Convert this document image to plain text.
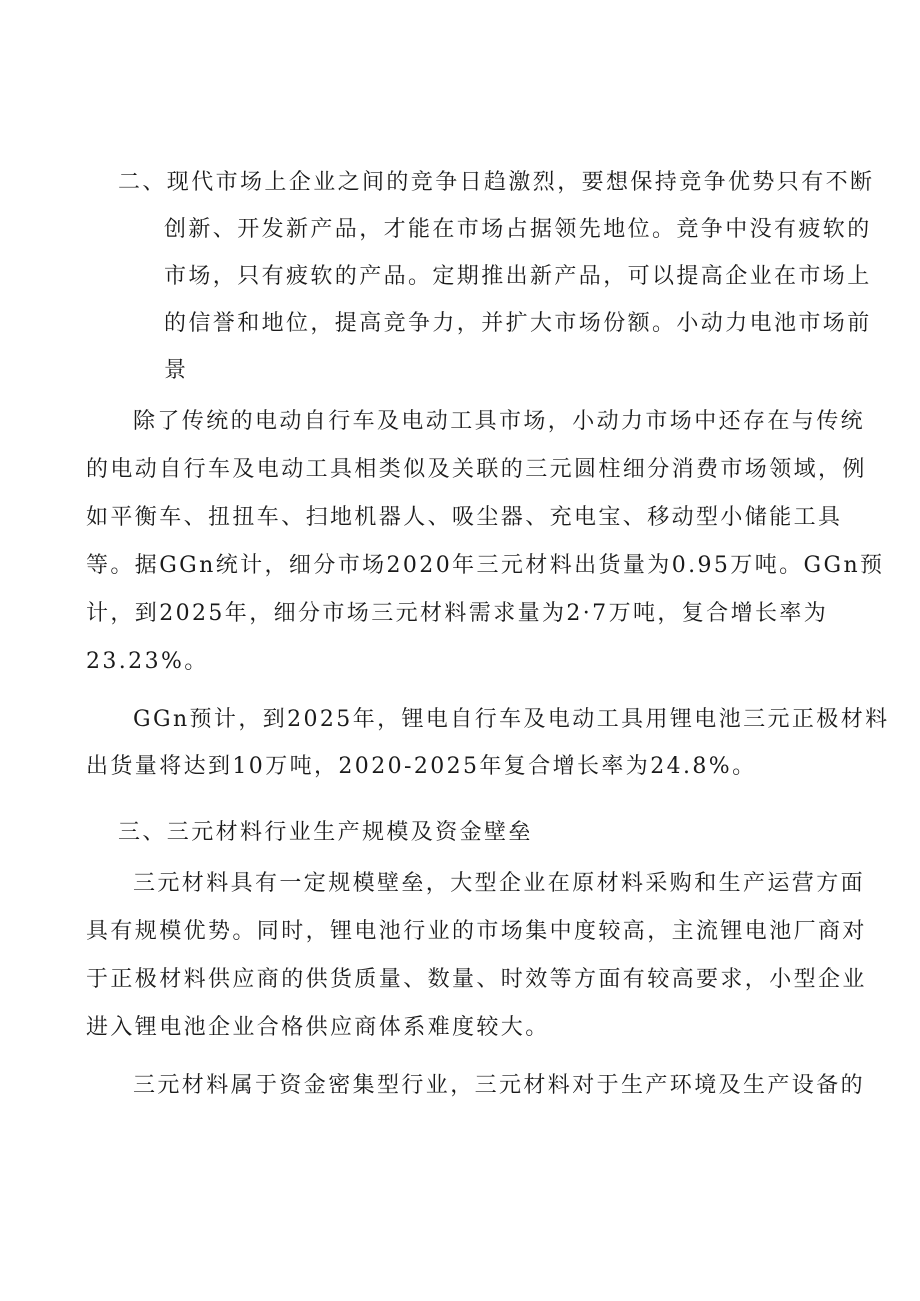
二、现代市场上企业之间的竞争日趋激烈，要想保持竞争优势只有不断
创新、开发新产品，才能在市场占据领先地位。竞争中没有疲软的
市场，只有疲软的产品。定期推出新产品，可以提高企业在市场上
的信誉和地位，提高竞争力，并扩大市场份额。小动力电池市场前
景
除了传统的电动自行车及电动工具市场，小动力市场中还存在与传统
的电动自行车及电动工具相类似及关联的三元圆柱细分消费市场领域，例
如平衡车、扭扭车、扫地机器人、吸尘器、充电宝、移动型小储能工具
等。据GGn统计，细分市场2020年三元材料出货量为0.95万吨。GGn预
计，到2025年，细分市场三元材料需求量为2·7万吨，复合增长率为
23.23%。
GGn预计，到2025年，锂电自行车及电动工具用锂电池三元正极材料
出货量将达到10万吨，2020-2025年复合增长率为24.8%。
三、三元材料行业生产规模及资金壁垒
三元材料具有一定规模壁垒，大型企业在原材料采购和生产运营方面
具有规模优势。同时，锂电池行业的市场集中度较高，主流锂电池厂商对
于正极材料供应商的供货质量、数量、时效等方面有较高要求，小型企业
进入锂电池企业合格供应商体系难度较大。
三元材料属于资金密集型行业，三元材料对于生产环境及生产设备的
